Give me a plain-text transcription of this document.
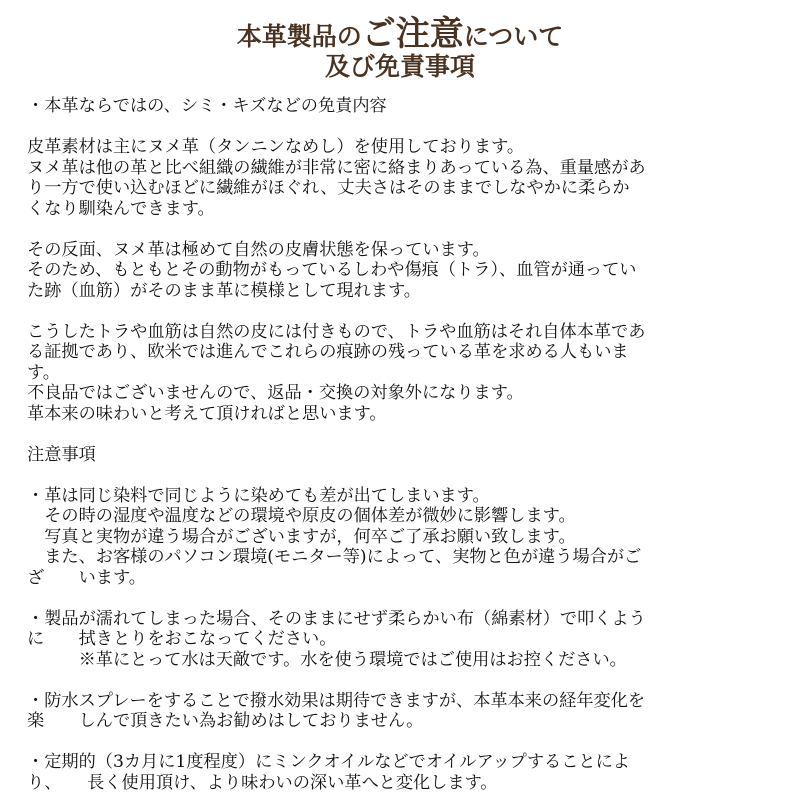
本革製品のご注意について
及び免責事項
・本革ならではの、シミ・キズなどの免責内容
皮革素材は主にヌメ革（タンニンなめし）を使用しております。
ヌメ革は他の革と比べ組織の繊維が非常に密に絡まりあっている為、重量感があ
り一方で使い込むほどに繊維がほぐれ、丈夫さはそのままでしなやかに柔らか
くなり馴染んできます。
その反面、ヌメ革は極めて自然の皮膚状態を保っています。
そのため、もともとその動物がもっているしわや傷痕（トラ）、血管が通ってい
た跡（血筋）がそのまま革に模様として現れます。
こうしたトラや血筋は自然の皮には付きもので、トラや血筋はそれ自体本革であ
る証拠であり、欧米では進んでこれらの痕跡の残っている革を求める人もいま
す。
不良品ではございませんので、返品・交換の対象外になります。
革本来の味わいと考えて頂ければと思います。
注意事項
・革は同じ染料で同じように染めても差が出てしまいます。
　その時の湿度や温度などの環境や原皮の個体差が微妙に影響します。
　写真と実物が違う場合がございますが，何卒ご了承お願い致します。
　また、お客様のパソコン環境(モニター等)によって、実物と色が違う場合がご
ざ　　います。
・製品が濡れてしまった場合、そのままにせず柔らかい布（綿素材）で叩くよう
に　　拭きとりをおこなってください。
　　　※革にとって水は天敵です。水を使う環境ではご使用はお控ください。
・防水スプレーをすることで撥水効果は期待できますが、本革本来の経年変化を
楽　　しんで頂きたい為お勧めはしておりません。
・定期的（3カ月に1度程度）にミンクオイルなどでオイルアップすることによ
り、　　長く使用頂け、より味わいの深い革へと変化します。
